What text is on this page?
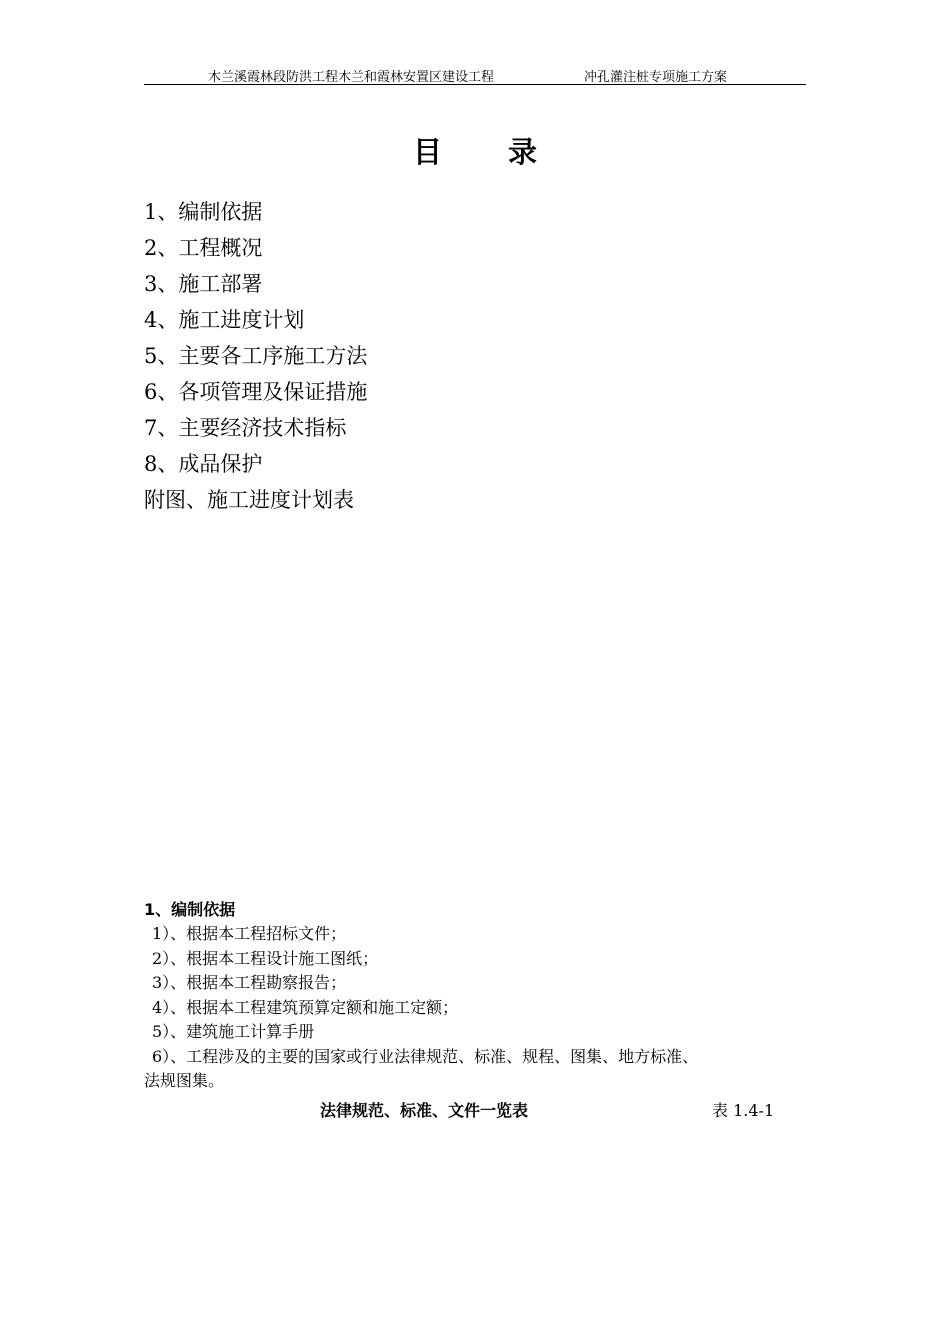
木兰溪霞林段防洪工程木兰和霞林安置区建设工程	冲孔灌注桩专项施工方案
目 录
1、编制依据
2、工程概况
3、施工部署
4、施工进度计划
5、主要各工序施工方法
6、各项管理及保证措施
7、主要经济技术指标
8、成品保护
附图、施工进度计划表
1、编制依据
1）、根据本工程招标文件；
2）、根据本工程设计施工图纸；
3）、根据本工程勘察报告；
4）、根据本工程建筑预算定额和施工定额；
5）、建筑施工计算手册
6）、工程涉及的主要的国家或行业法律规范、标准、规程、图集、地方标准、
法规图集。
法律规范、标准、文件一览表	表 1.4-1
